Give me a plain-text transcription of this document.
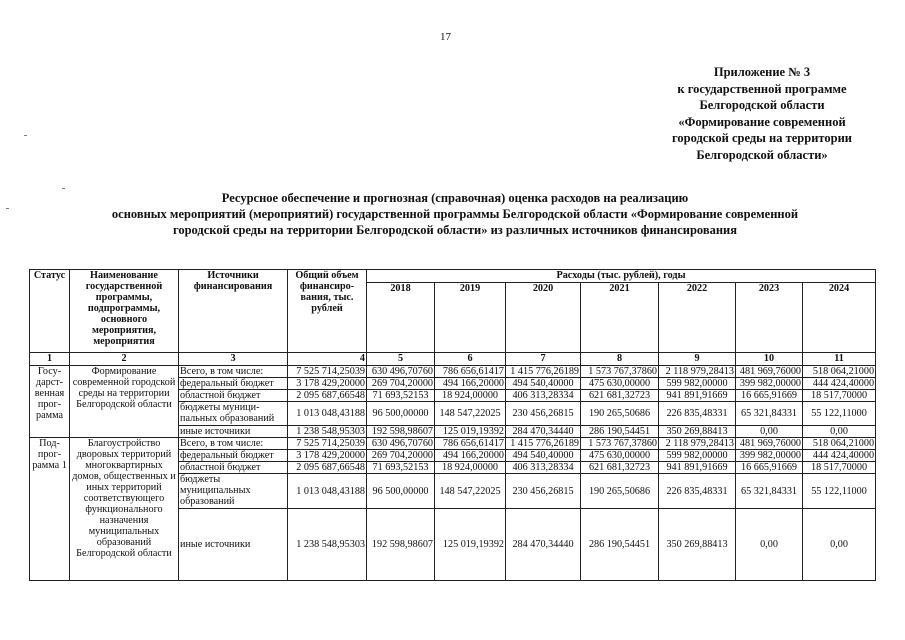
17
Приложение № 3
к государственной программе
Белгородской области
«Формирование современной
городской среды на территории
Белгородской области»
Ресурсное обеспечение и прогнозная (справочная) оценка расходов на реализацию
основных мероприятий (мероприятий) государственной программы Белгородской области «Формирование современной
городской среды на территории Белгородской области» из различных источников финансирования
Статус	Наименование государственной программы, подпрограммы, основного мероприятия, мероприятия	Источники финансирования	Общий объем финансиро-вания, тыс. рублей	Расходы (тыс. рублей), годы						
				2018	2019	2020	2021	2022	2023	2024
1	2	3	4	5	6	7	8	9	10	11
Госу-дарст-венная прог-рамма	Формирование современной городской среды на территории Белгородской области	Всего, в том числе:	7 525 714,25039	630 496,70760	786 656,61417	1 415 776,26189	1 573 767,37860	2 118 979,28413	481 969,76000	518 064,21000
		федеральный бюджет	3 178 429,20000	269 704,20000	494 166,20000	494 540,40000	475 630,00000	599 982,00000	399 982,00000	444 424,40000
		областной бюджет	2 095 687,66548	71 693,52153	18 924,00000	406 313,28334	621 681,32723	941 891,91669	16 665,91669	18 517,70000
		бюджеты муници-пальных образований	1 013 048,43188	96 500,00000	148 547,22025	230 456,26815	190 265,50686	226 835,48331	65 321,84331	55 122,11000
		иные источники	1 238 548,95303	192 598,98607	125 019,19392	284 470,34440	286 190,54451	350 269,88413	0,00	0,00
Под-прог-рамма 1	Благоустройство дворовых территорий многоквартирных домов, общественных и иных территорий соответствующего функционального назначения муниципальных образований Белгородской области	Всего, в том числе:	7 525 714,25039	630 496,70760	786 656,61417	1 415 776,26189	1 573 767,37860	2 118 979,28413	481 969,76000	518 064,21000
		федеральный бюджет	3 178 429,20000	269 704,20000	494 166,20000	494 540,40000	475 630,00000	599 982,00000	399 982,00000	444 424,40000
		областной бюджет	2 095 687,66548	71 693,52153	18 924,00000	406 313,28334	621 681,32723	941 891,91669	16 665,91669	18 517,70000
		бюджеты муниципальных образований	1 013 048,43188	96 500,00000	148 547,22025	230 456,26815	190 265,50686	226 835,48331	65 321,84331	55 122,11000
		иные источники	1 238 548,95303	192 598,98607	125 019,19392	284 470,34440	286 190,54451	350 269,88413	0,00	0,00
